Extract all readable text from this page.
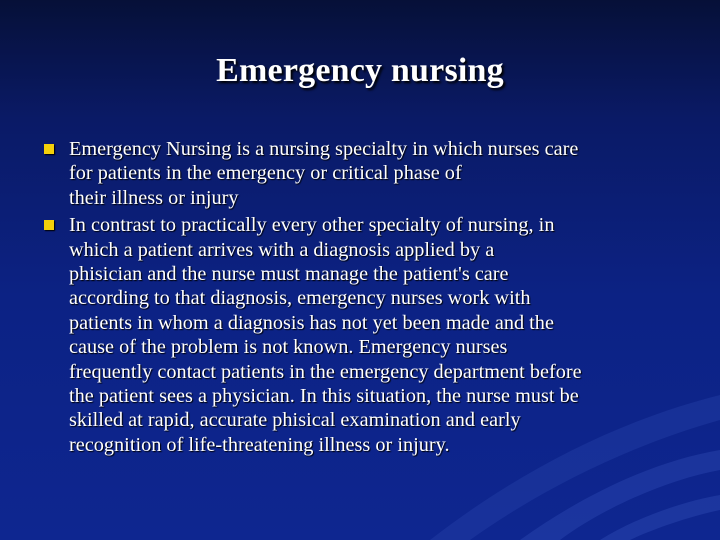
Emergency nursing
Emergency Nursing is a nursing specialty in which nurses care
for patients in the emergency or critical phase of
their illness or injury
In contrast to practically every other specialty of nursing, in
which a patient arrives with a diagnosis applied by a
phisician and the nurse must manage the patient's care
according to that diagnosis, emergency nurses work with
patients in whom a diagnosis has not yet been made and the
cause of the problem is not known. Emergency nurses
frequently contact patients in the emergency department before
the patient sees a physician. In this situation, the nurse must be
skilled at rapid, accurate phisical examination and early
recognition of life-threatening illness or injury.
